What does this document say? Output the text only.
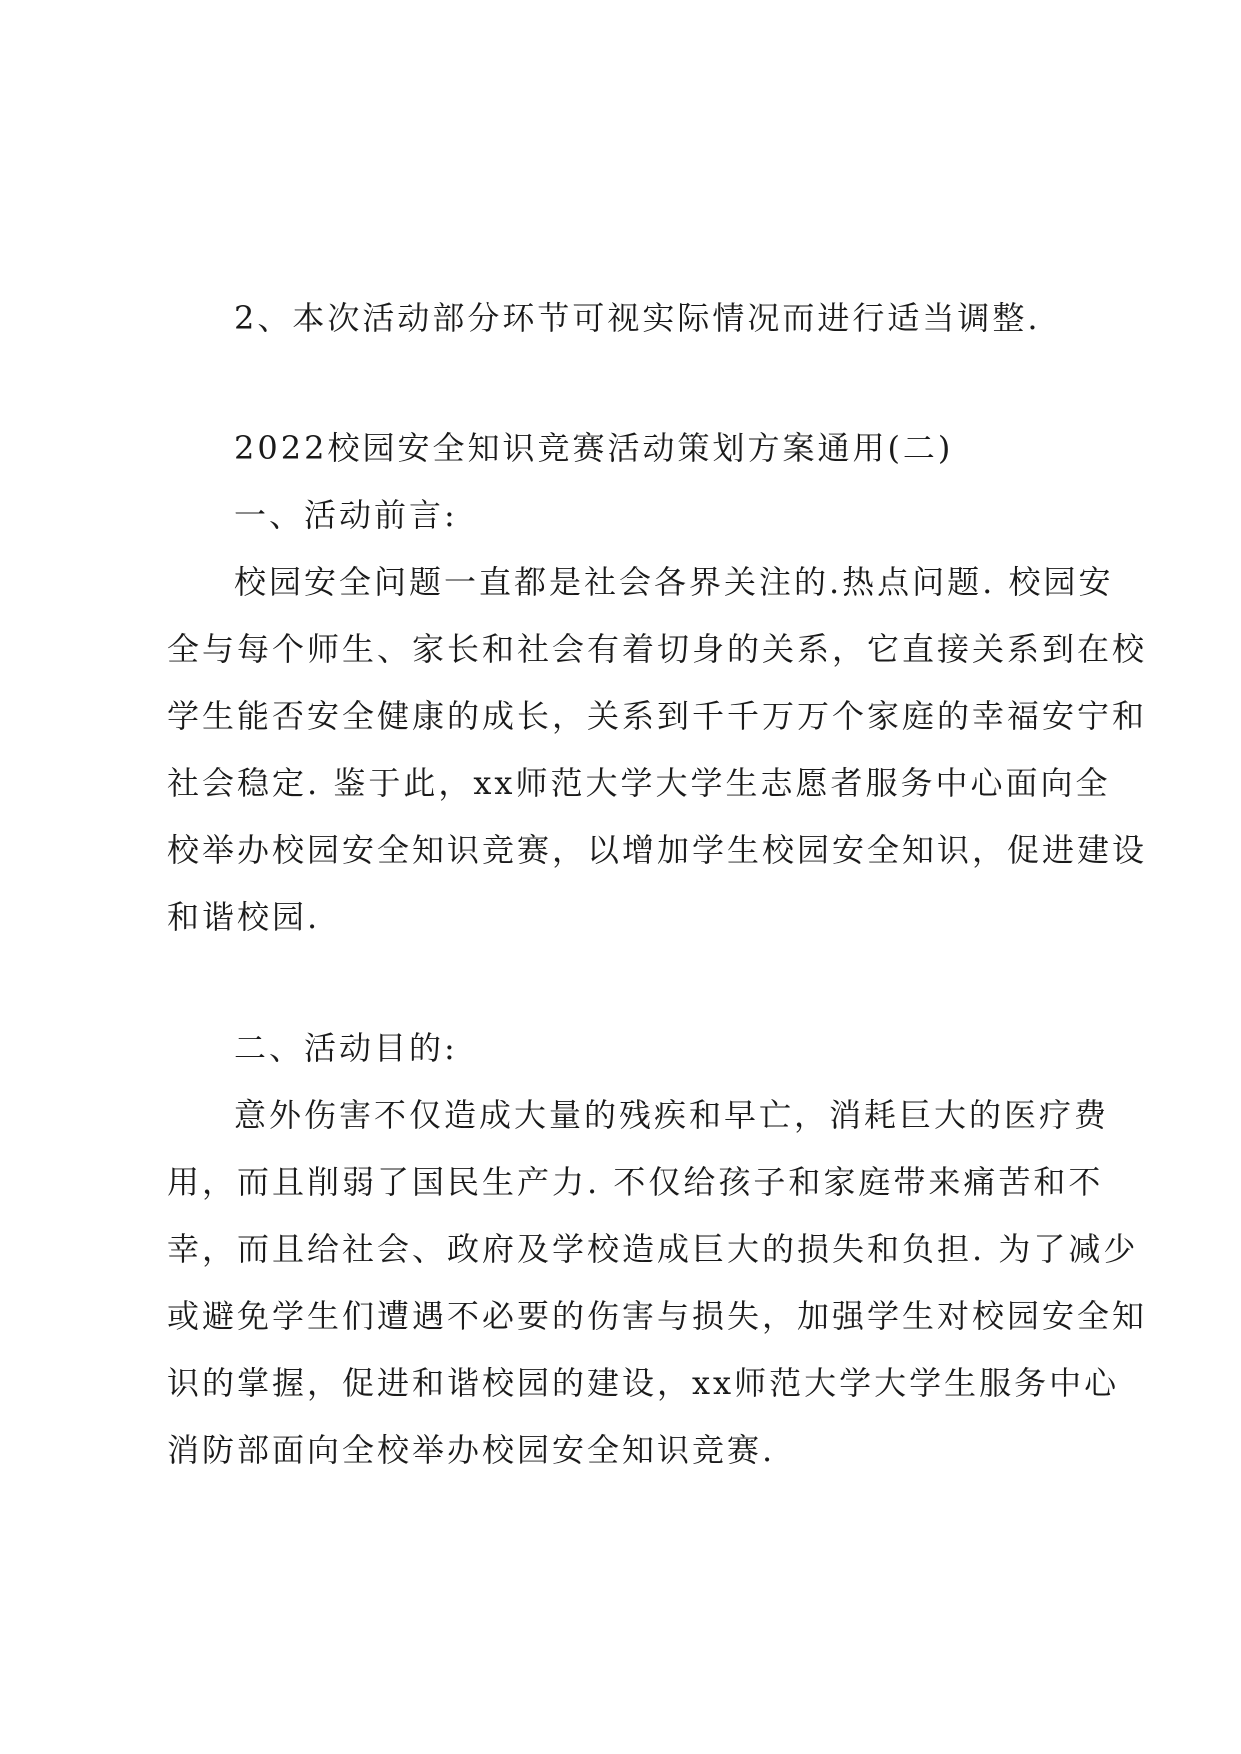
2、本次活动部分环节可视实际情况而进行适当调整.
2022校园安全知识竞赛活动策划方案通用(二)
一、活动前言:
校园安全问题一直都是社会各界关注的.热点问题. 校园安
全与每个师生、家长和社会有着切身的关系，它直接关系到在校
学生能否安全健康的成长，关系到千千万万个家庭的幸福安宁和
社会稳定. 鉴于此，xx师范大学大学生志愿者服务中心面向全
校举办校园安全知识竞赛，以增加学生校园安全知识，促进建设
和谐校园.
二、活动目的:
意外伤害不仅造成大量的残疾和早亡，消耗巨大的医疗费
用，而且削弱了国民生产力. 不仅给孩子和家庭带来痛苦和不
幸，而且给社会、政府及学校造成巨大的损失和负担. 为了减少
或避免学生们遭遇不必要的伤害与损失，加强学生对校园安全知
识的掌握，促进和谐校园的建设，xx师范大学大学生服务中心
消防部面向全校举办校园安全知识竞赛.
